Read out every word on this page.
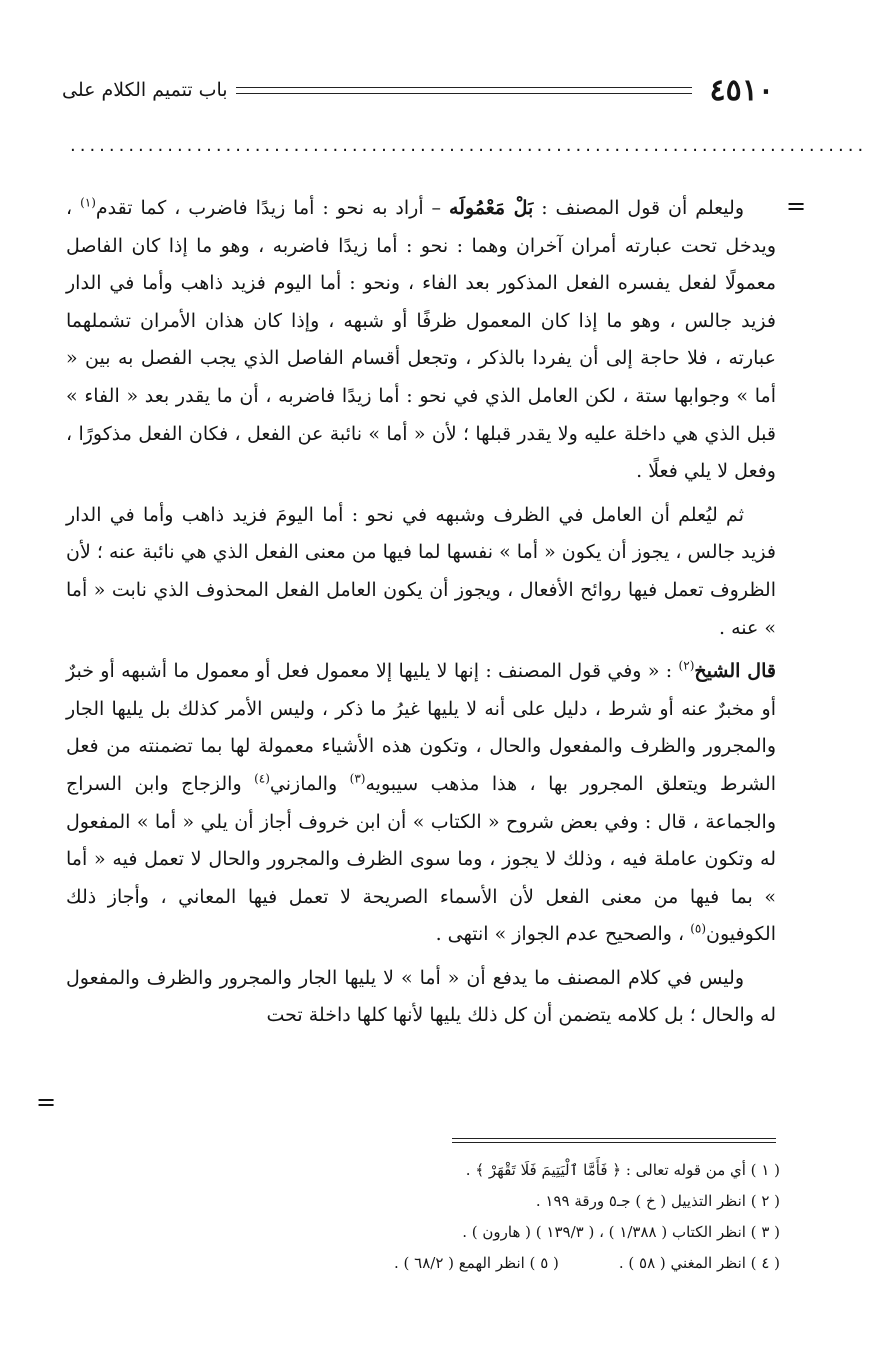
٤٥١٠
باب تتميم الكلام على
..................................................................................
=
=

وليعلم أن قول المصنف : بَلْ مَعْمُولَه – أراد به نحو : أما زيدًا فاضرب ، كما تقدم$^{(١)}$ ، ويدخل تحت عبارته أمران آخران وهما : نحو : أما زيدًا فاضربه ، وهو ما إذا كان الفاصل معمولًا لفعل يفسره الفعل المذكور بعد الفاء ، ونحو : أما اليوم فزيد ذاهب وأما في الدار فزيد جالس ، وهو ما إذا كان المعمول ظرفًا أو شبهه ، وإذا كان هذان الأمران تشملهما عبارته ، فلا حاجة إلى أن يفردا بالذكر ، وتجعل أقسام الفاصل الذي يجب الفصل به بين « أما » وجوابها ستة ، لكن العامل الذي في نحو : أما زيدًا فاضربه ، أن ما يقدر بعد « الفاء » قبل الذي هي داخلة عليه ولا يقدر قبلها ؛ لأن « أما » نائبة عن الفعل ، فكان الفعل مذكورًا ، وفعل لا يلي فعلًا .

ثم ليُعلم أن العامل في الظرف وشبهه في نحو : أما اليومَ فزيد ذاهب وأما في الدار فزيد جالس ، يجوز أن يكون « أما » نفسها لما فيها من معنى الفعل الذي هي نائبة عنه ؛ لأن الظروف تعمل فيها روائح الأفعال ، ويجوز أن يكون العامل الفعل المحذوف الذي نابت « أما » عنه .

قال الشيخ$^{(٢)}$ : « وفي قول المصنف : إنها لا يليها إلا معمول فعل أو معمول ما أشبهه أو خبرٌ أو مخبرٌ عنه أو شرط ، دليل على أنه لا يليها غيرُ ما ذكر ، وليس الأمر كذلك بل يليها الجار والمجرور والظرف والمفعول والحال ، وتكون هذه الأشياء معمولة لها بما تضمنته من فعل الشرط ويتعلق المجرور بها ، هذا مذهب سيبويه$^{(٣)}$ والمازني$^{(٤)}$ والزجاج وابن السراج والجماعة ، قال : وفي بعض شروح « الكتاب » أن ابن خروف أجاز أن يلي « أما » المفعول له وتكون عاملة فيه ، وذلك لا يجوز ، وما سوى الظرف والمجرور والحال لا تعمل فيه « أما » بما فيها من معنى الفعل لأن الأسماء الصريحة لا تعمل فيها المعاني ، وأجاز ذلك الكوفيون$^{(٥)}$ ، والصحيح عدم الجواز » انتهى .

وليس في كلام المصنف ما يدفع أن « أما » لا يليها الجار والمجرور والظرف والمفعول له والحال ؛ بل كلامه يتضمن أن كل ذلك يليها لأنها كلها داخلة تحت

( ١ ) أي من قوله تعالى : ﴿ فَأَمَّا ٱلْيَتِيمَ فَلَا تَقْهَرْ ﴾ .
( ٢ ) انظر التذييل ( خ ) جـ٥ ورقة ١٩٩ .
( ٣ ) انظر الكتاب ( ١/٣٨٨ ) ، ( ١٣٩/٣ ) ( هارون ) .
( ٤ ) انظر المغني ( ٥٨ ) .
( ٥ ) انظر الهمع ( ٦٨/٢ ) .
